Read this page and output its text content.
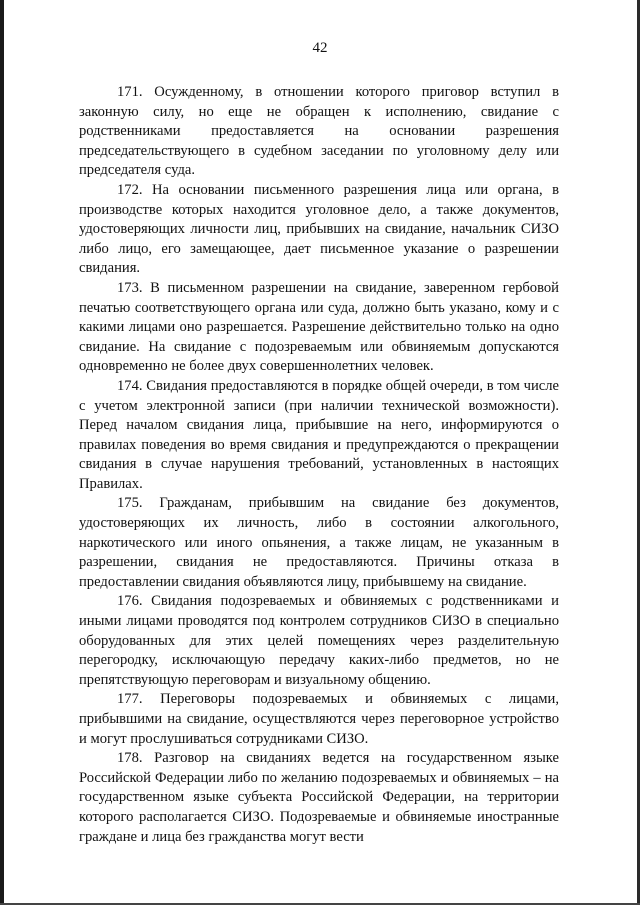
42

171. Осужденному, в отношении которого приговор вступил в законную силу, но еще не обращен к исполнению, свидание с родственниками предоставляется на основании разрешения председательствующего в судебном заседании по уголовному делу или председателя суда.

172. На основании письменного разрешения лица или органа, в производстве которых находится уголовное дело, а также документов, удостоверяющих личности лиц, прибывших на свидание, начальник СИЗО либо лицо, его замещающее, дает письменное указание о разрешении свидания.

173. В письменном разрешении на свидание, заверенном гербовой печатью соответствующего органа или суда, должно быть указано, кому и с какими лицами оно разрешается. Разрешение действительно только на одно свидание. На свидание с подозреваемым или обвиняемым допускаются одновременно не более двух совершеннолетних человек.

174. Свидания предоставляются в порядке общей очереди, в том числе с учетом электронной записи (при наличии технической возможности). Перед началом свидания лица, прибывшие на него, информируются о правилах поведения во время свидания и предупреждаются о прекращении свидания в случае нарушения требований, установленных в настоящих Правилах.

175. Гражданам, прибывшим на свидание без документов, удостоверяющих их личность, либо в состоянии алкогольного, наркотического или иного опьянения, а также лицам, не указанным в разрешении, свидания не предоставляются. Причины отказа в предоставлении свидания объявляются лицу, прибывшему на свидание.

176. Свидания подозреваемых и обвиняемых с родственниками и иными лицами проводятся под контролем сотрудников СИЗО в специально оборудованных для этих целей помещениях через разделительную перегородку, исключающую передачу каких-либо предметов, но не препятствующую переговорам и визуальному общению.

177. Переговоры подозреваемых и обвиняемых с лицами, прибывшими на свидание, осуществляются через переговорное устройство и могут прослушиваться сотрудниками СИЗО.

178. Разговор на свиданиях ведется на государственном языке Российской Федерации либо по желанию подозреваемых и обвиняемых – на государственном языке субъекта Российской Федерации, на территории которого располагается СИЗО. Подозреваемые и обвиняемые иностранные граждане и лица без гражданства могут вести
